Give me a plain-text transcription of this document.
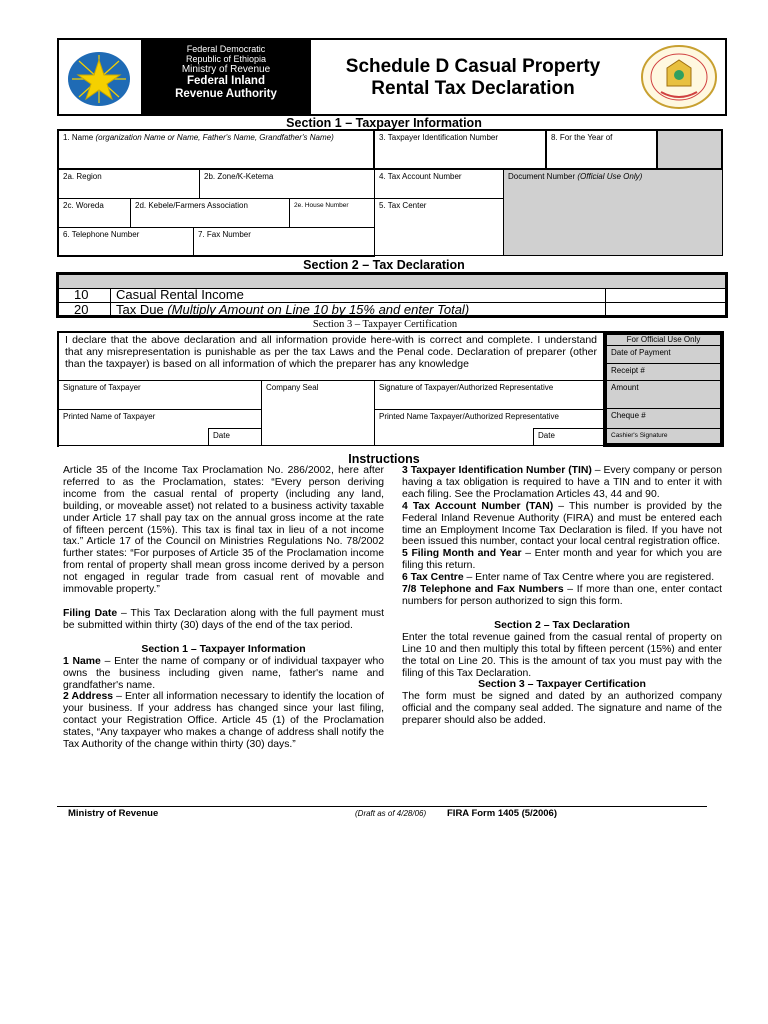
Federal Democratic
Republic of Ethiopia
Ministry of Revenue
Federal Inland
Revenue Authority
Schedule D Casual Property
Rental Tax Declaration
Section 1 – Taxpayer Information
1. Name (organization Name or Name, Father's Name, Grandfather's Name)	3. Taxpayer Identification Number	8. For the Year of
2a. Region	2b. Zone/K-Ketema	4. Tax Account Number	Document Number (Official Use Only)
2c. Woreda	2d. Kebele/Farmers Association	2e. House Number	5. Tax Center
6. Telephone Number	7. Fax Number
Section 2 – Tax Declaration
10 Casual Rental Income
20 Tax Due (Multiply Amount on Line 10 by 15% and enter Total)
Section 3 – Taxpayer Certification
I declare that the above declaration and all information provide here-with is correct and complete. I understand that any misrepresentation is punishable as per the tax Laws and the Penal code. Declaration of preparer (other than the taxpayer) is based on all information of which the preparer has any knowledge
Signature of Taxpayer	Company Seal	Signature of Taxpayer/Authorized Representative
Printed Name of Taxpayer	Printed Name Taxpayer/Authorized Representative
Date	Date
For Official Use Only
Date of Payment
Receipt #
Amount
Cheque #
Cashier's Signature
Instructions

Article 35 of the Income Tax Proclamation No. 286/2002, here after referred to as the Proclamation, states: “Every person deriving income from the casual rental of property (including any land, building, or moveable asset) not related to a business activity taxable under Article 17 shall pay tax on the annual gross income at the rate of fifteen percent (15%). This tax is final tax in lieu of a not income tax.” Article 17 of the Council on Ministries Regulations No. 78/2002 further states: “For purposes of Article 35 of the Proclamation income from rental of property shall mean gross income derived by a person not engaged in regular trade from casual rent of movable and immovable property.”

Filing Date – This Tax Declaration along with the full payment must be submitted within thirty (30) days of the end of the tax period.

Section 1 – Taxpayer Information

1 Name – Enter the name of company or of individual taxpayer who owns the business including given name, father's name and grandfather's name.

2 Address – Enter all information necessary to identify the location of your business. If your address has changed since your last filing, contact your Registration Office. Article 45 (1) of the Proclamation states, “Any taxpayer who makes a change of address shall notify the Tax Authority of the change within thirty (30) days.”

3 Taxpayer Identification Number (TIN) – Every company or person having a tax obligation is required to have a TIN and to enter it with each filing. See the Proclamation Articles 43, 44 and 90.

4 Tax Account Number (TAN) – This number is provided by the Federal Inland Revenue Authority (FIRA) and must be entered each time an Employment Income Tax Declaration is filed. If you have not been issued this number, contact your local central registration office.

5 Filing Month and Year – Enter month and year for which you are filing this return.

6 Tax Centre – Enter name of Tax Centre where you are registered.

7/8 Telephone and Fax Numbers – If more than one, enter contact numbers for person authorized to sign this form.

Section 2 – Tax Declaration

Enter the total revenue gained from the casual rental of property on Line 10 and then multiply this total by fifteen percent (15%) and enter the total on Line 20. This is the amount of tax you must pay with the filing of this Tax Declaration.

Section 3 – Taxpayer Certification

The form must be signed and dated by an authorized company official and the company seal added. The signature and name of the preparer should also be added.

Ministry of Revenue	(Draft as of 4/28/06) FIRA Form 1405 (5/2006)
